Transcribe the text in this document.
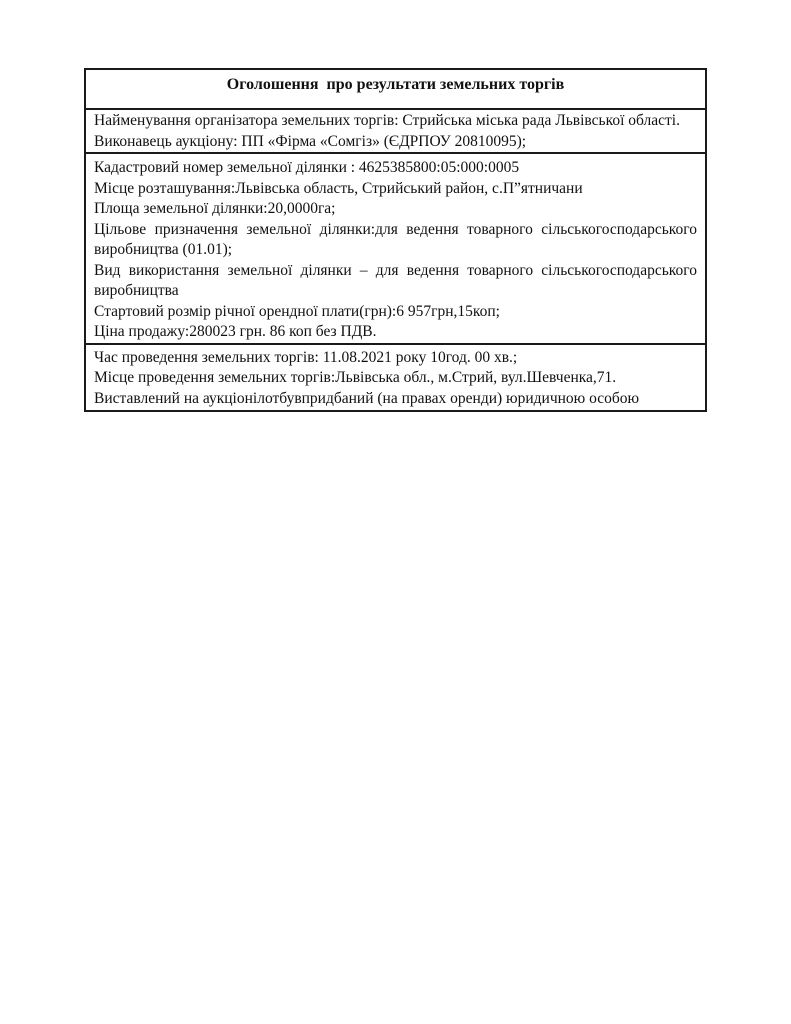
Оголошення  про результати земельних торгів

Найменування організатора земельних торгів: Стрийська міська рада Львівської області.

Виконавець аукціону: ПП «Фірма «Сомгіз» (ЄДРПОУ 20810095);

Кадастровий номер земельної ділянки : 4625385800:05:000:0005

Місце розташування:Львівська область, Стрийський район, с.П”ятничани

Площа земельної ділянки:20,0000га;

Цільове призначення земельної ділянки:для ведення товарного сільськогосподарського виробництва (01.01);

Вид використання земельної ділянки – для ведення товарного сільськогосподарського виробництва

Стартовий розмір річної орендної плати(грн):6 957грн,15коп;

Ціна продажу:280023 грн. 86 коп без ПДВ.

Час проведення земельних торгів: 11.08.2021 року 10год. 00 хв.;

Місце проведення земельних торгів:Львівська обл., м.Стрий, вул.Шевченка,71.

Виставлений на аукціонілотбувпридбаний (на правах оренди) юридичною особою
